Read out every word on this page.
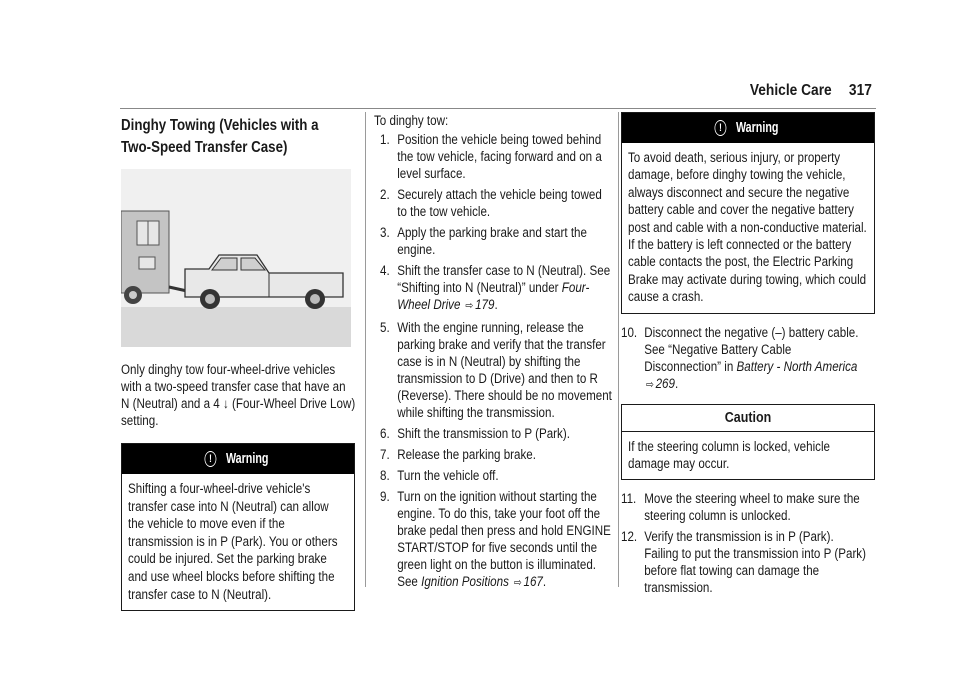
Vehicle Care 317
Dinghy Towing (Vehicles with a
Two-Speed Transfer Case)
Only dinghy tow four-wheel-drive vehicles with a two-speed transfer case that have an N (Neutral) and a 4 ↓ (Four-Wheel Drive Low) setting.
! Warning
Shifting a four-wheel-drive vehicle's transfer case into N (Neutral) can allow the vehicle to move even if the transmission is in P (Park). You or others could be injured. Set the parking brake and use wheel blocks before shifting the transfer case to N (Neutral).
To dinghy tow:
1. Position the vehicle being towed behind the tow vehicle, facing forward and on a level surface.
2. Securely attach the vehicle being towed to the tow vehicle.
3. Apply the parking brake and start the engine.
4. Shift the transfer case to N (Neutral). See “Shifting into N (Neutral)” under Four-Wheel Drive ⇨ 179.
5. With the engine running, release the parking brake and verify that the transfer case is in N (Neutral) by shifting the transmission to D (Drive) and then to R (Reverse). There should be no movement while shifting the transmission.
6. Shift the transmission to P (Park).
7. Release the parking brake.
8. Turn the vehicle off.
9. Turn on the ignition without starting the engine. To do this, take your foot off the brake pedal then press and hold ENGINE START/STOP for five seconds until the green light on the button is illuminated. See Ignition Positions ⇨ 167.
! Warning
To avoid death, serious injury, or property damage, before dinghy towing the vehicle, always disconnect and secure the negative battery cable and cover the negative battery post and cable with a non-conductive material. If the battery is left connected or the battery cable contacts the post, the Electric Parking Brake may activate during towing, which could cause a crash.
10. Disconnect the negative (–) battery cable. See “Negative Battery Cable Disconnection” in Battery - North America ⇨ 269.
Caution
If the steering column is locked, vehicle damage may occur.
11. Move the steering wheel to make sure the steering column is unlocked.
12. Verify the transmission is in P (Park). Failing to put the transmission into P (Park) before flat towing can damage the transmission.
